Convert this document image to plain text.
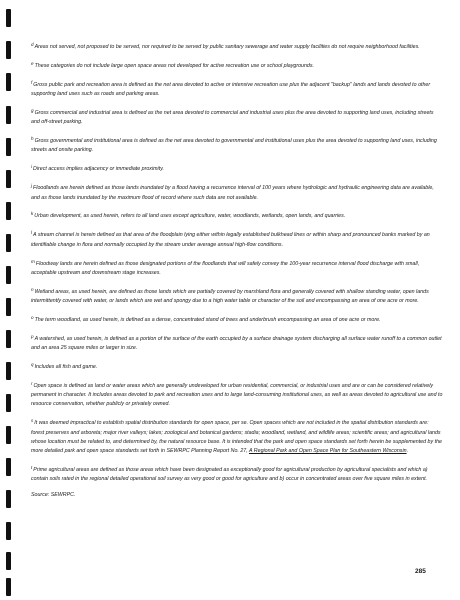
dAreas not served, not proposed to be served, nor required to be served by public sanitary sewerage and water supply facilities do not require neighborhood facilities.

eThese categories do not include large open space areas not developed for active recreation use or school playgrounds.

fGross public park and recreation area is defined as the net area devoted to active or intensive recreation use plus the adjacent "backup" lands and lands devoted to other supporting land uses such as roads and parking areas.

gGross commercial and industrial area is defined as the net area devoted to commercial and industrial uses plus the area devoted to supporting land uses, including streets and off-street parking.

hGross governmental and institutional area is defined as the net area devoted to governmental and institutional uses plus the area devoted to supporting land uses, including streets and onsite parking.

iDirect access implies adjacency or immediate proximity.

jFloodlands are herein defined as those lands inundated by a flood having a recurrence interval of 100 years where hydrologic and hydraulic engineering data are available, and as those lands inundated by the maximum flood of record where such data are not available.

kUrban development, as used herein, refers to all land uses except agriculture, water, woodlands, wetlands, open lands, and quarries.

lA stream channel is herein defined as that area of the floodplain lying either within legally established bulkhead lines or within sharp and pronounced banks marked by an identifiable change in flora and normally occupied by the stream under average annual high-flow conditions.

mFloodway lands are herein defined as those designated portions of the floodlands that will safely convey the 100-year recurrence interval flood discharge with small, acceptable upstream and downstream stage increases.

nWetland areas, as used herein, are defined as those lands which are partially covered by marshland flora and generally covered with shallow standing water, open lands intermittently covered with water, or lands which are wet and spongy due to a high water table or character of the soil and encompassing an area of one acre or more.

oThe term woodland, as used herein, is defined as a dense, concentrated stand of trees and underbrush encompassing an area of one acre or more.

pA watershed, as used herein, is defined as a portion of the surface of the earth occupied by a surface drainage system discharging all surface water runoff to a common outlet and an area 25 square miles or larger in size.

qIncludes all fish and game.

rOpen space is defined as land or water areas which are generally undeveloped for urban residential, commercial, or industrial uses and are or can be considered relatively permanent in character. It includes areas devoted to park and recreation uses and to large land-consuming institutional uses, as well as areas devoted to agricultural use and to resource conservation, whether publicly or privately owned.

sIt was deemed impractical to establish spatial distribution standards for open space, per se. Open spaces which are not included in the spatial distribution standards are: forest preserves and arboreta; major river valleys; lakes; zoological and botanical gardens; stadia; woodland, wetland, and wildlife areas; scientific areas; and agricultural lands whose location must be related to, and determined by, the natural resource base. It is intended that the park and open space standards set forth herein be supplemented by the more detailed park and open space standards set forth in SEWRPC Planning Report No. 27, A Regional Park and Open Space Plan for Southeastern Wisconsin.

tPrime agricultural areas are defined as those areas which have been designated as exceptionally good for agricultural production by agricultural specialists and which a) contain soils rated in the regional detailed operational soil survey as very good or good for agriculture and b) occur in concentrated areas over five square miles in extent.

Source: SEWRPC.
285
